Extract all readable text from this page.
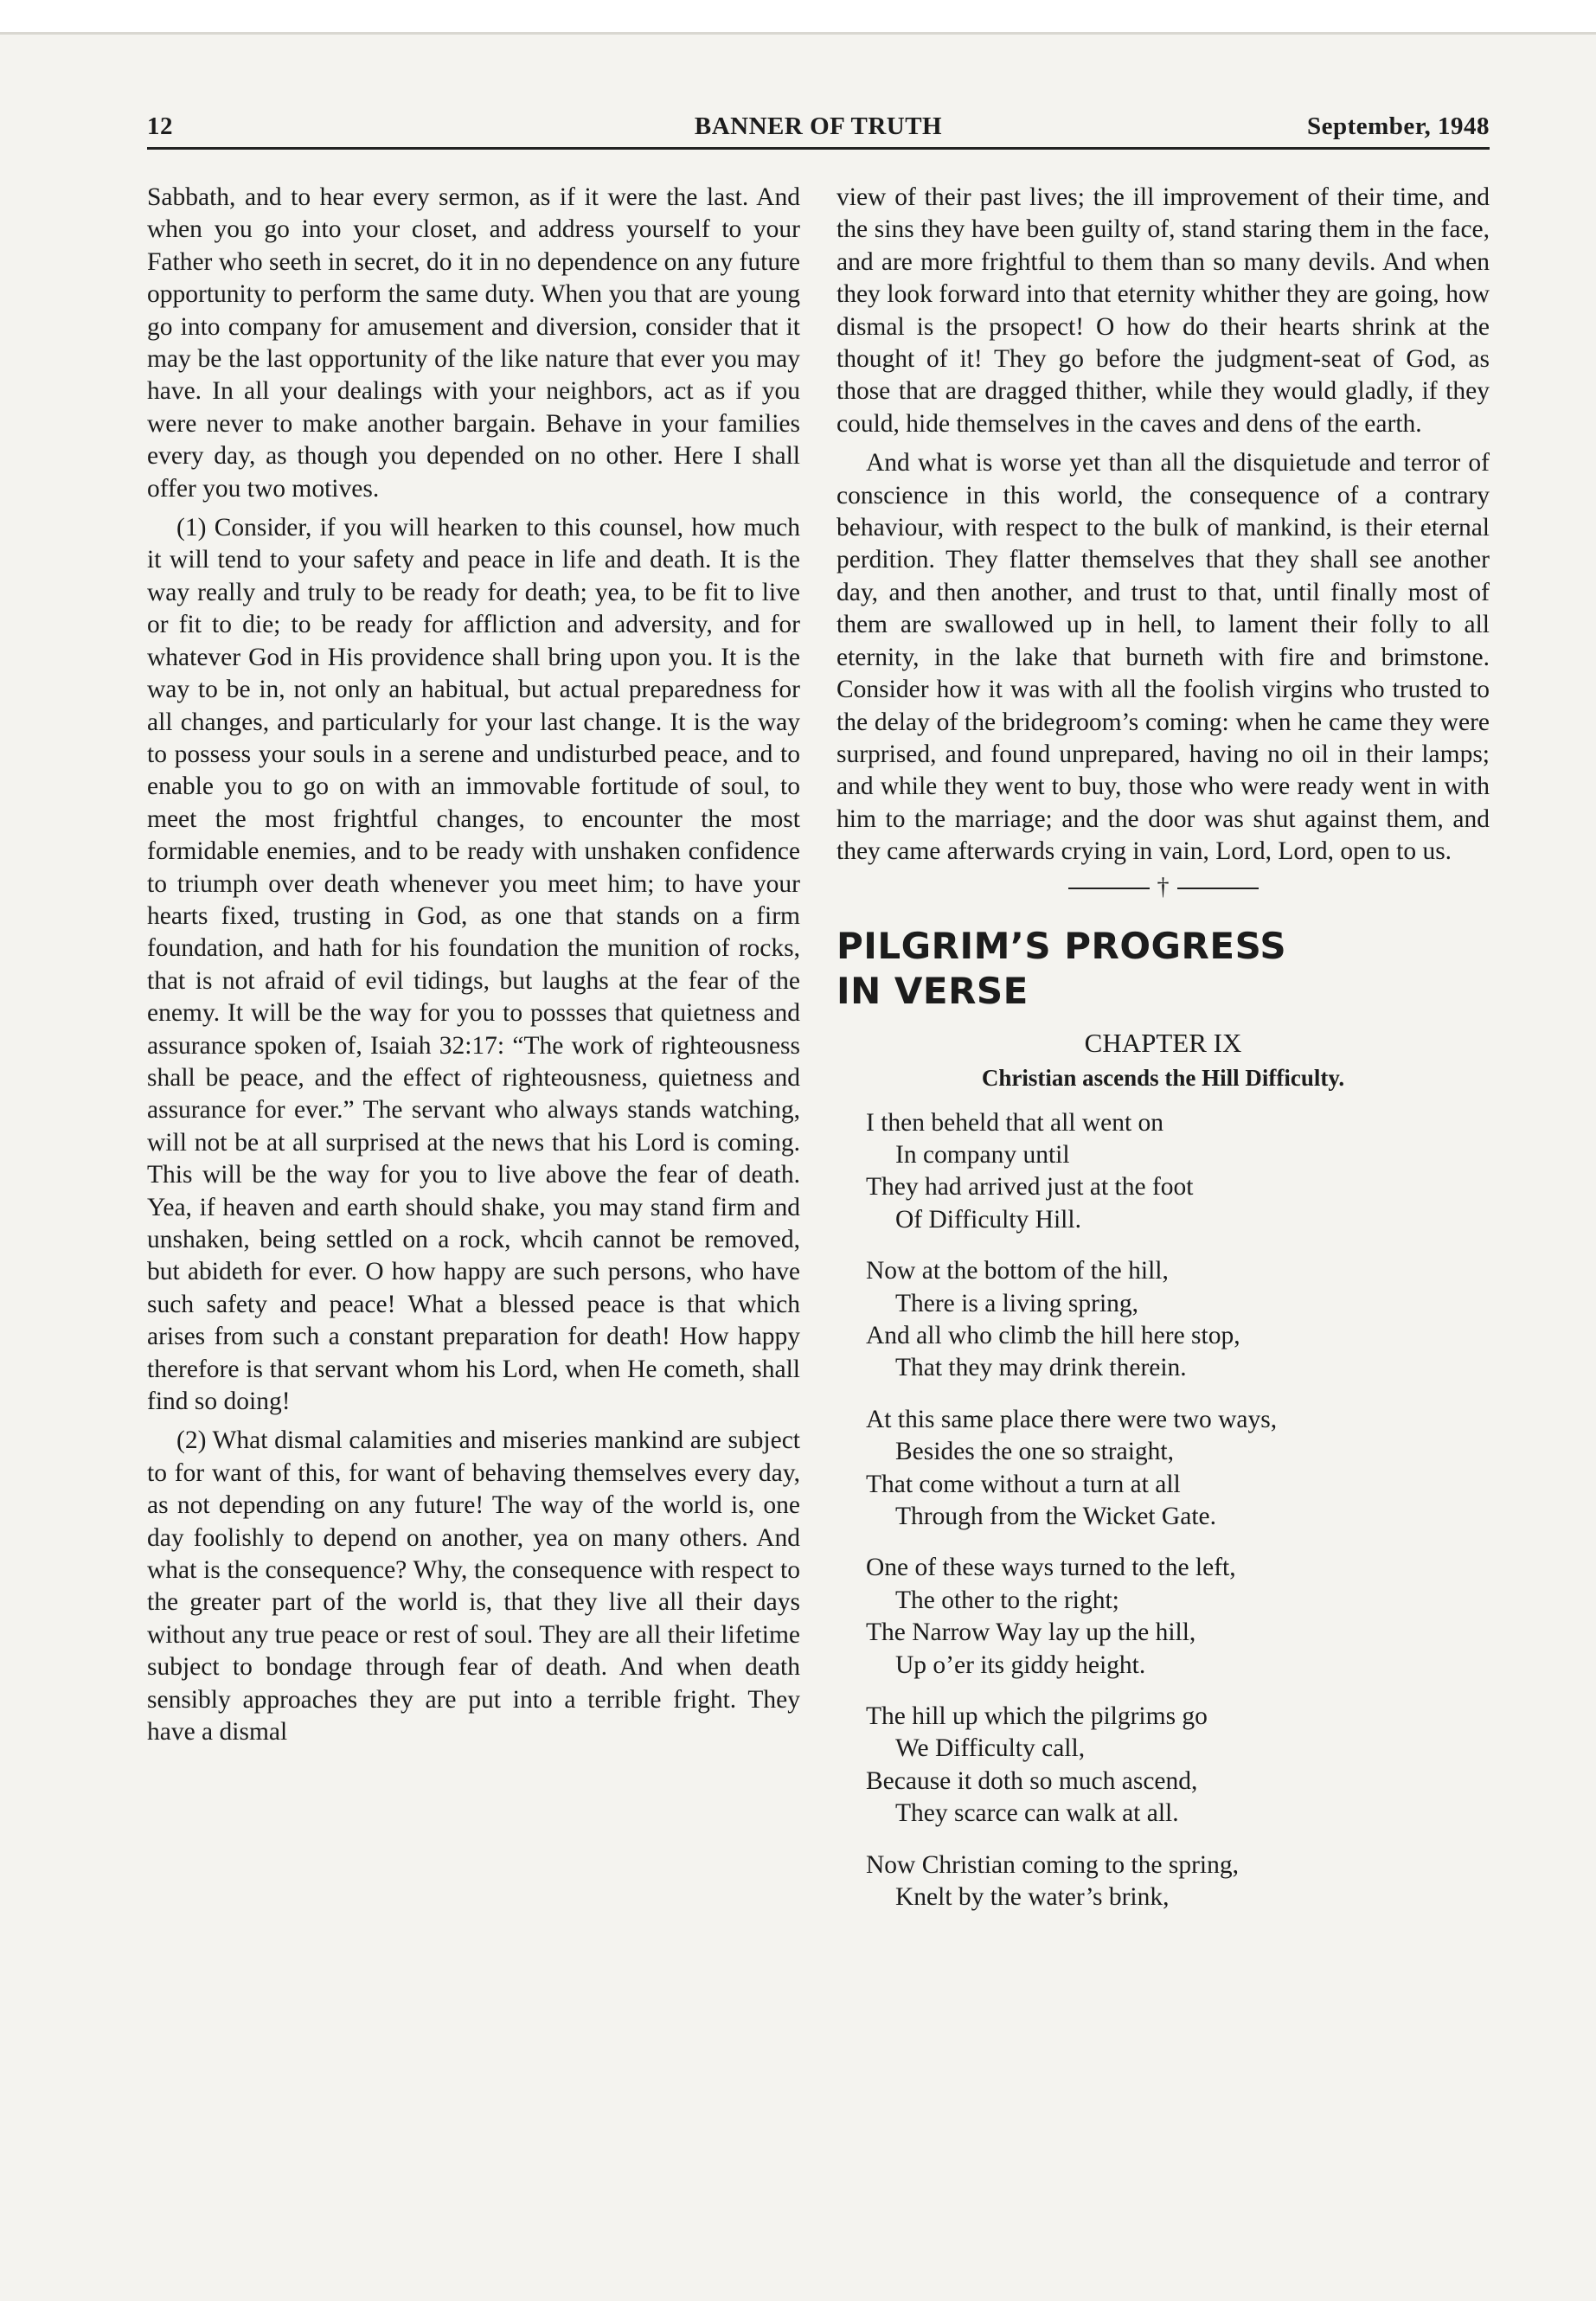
12	BANNER OF TRUTH	September, 1948

Sabbath, and to hear every sermon, as if it were the last. And when you go into your closet, and address yourself to your Father who seeth in secret, do it in no dependence on any future opportunity to perform the same duty. When you that are young go into company for amusement and diversion, consider that it may be the last opportunity of the like nature that ever you may have. In all your dealings with your neighbors, act as if you were never to make another bargain. Behave in your families every day, as though you depended on no other. Here I shall offer you two motives.

(1) Consider, if you will hearken to this counsel, how much it will tend to your safety and peace in life and death. It is the way really and truly to be ready for death; yea, to be fit to live or fit to die; to be ready for affliction and adversity, and for whatever God in His providence shall bring upon you. It is the way to be in, not only an habitual, but actual preparedness for all changes, and particularly for your last change. It is the way to possess your souls in a serene and undisturbed peace, and to enable you to go on with an immovable fortitude of soul, to meet the most frightful changes, to encounter the most formidable enemies, and to be ready with unshaken confidence to triumph over death whenever you meet him; to have your hearts fixed, trusting in God, as one that stands on a firm foundation, and hath for his foundation the munition of rocks, that is not afraid of evil tidings, but laughs at the fear of the enemy. It will be the way for you to possses that quietness and assurance spoken of, Isaiah 32:17: “The work of righteousness shall be peace, and the effect of righteousness, quietness and assurance for ever.” The servant who always stands watching, will not be at all surprised at the news that his Lord is coming. This will be the way for you to live above the fear of death. Yea, if heaven and earth should shake, you may stand firm and unshaken, being settled on a rock, whcih cannot be removed, but abideth for ever. O how happy are such persons, who have such safety and peace! What a blessed peace is that which arises from such a constant preparation for death! How happy therefore is that servant whom his Lord, when He cometh, shall find so doing!

(2) What dismal calamities and miseries mankind are subject to for want of this, for want of behaving themselves every day, as not depending on any future! The way of the world is, one day foolishly to depend on another, yea on many others. And what is the consequence? Why, the consequence with respect to the greater part of the world is, that they live all their days without any true peace or rest of soul. They are all their lifetime subject to bondage through fear of death. And when death sensibly approaches they are put into a terrible fright. They have a dismal

view of their past lives; the ill improvement of their time, and the sins they have been guilty of, stand staring them in the face, and are more frightful to them than so many devils. And when they look forward into that eternity whither they are going, how dismal is the prsopect! O how do their hearts shrink at the thought of it! They go before the judgment-seat of God, as those that are dragged thither, while they would gladly, if they could, hide themselves in the caves and dens of the earth.

And what is worse yet than all the disquietude and terror of conscience in this world, the consequence of a contrary behaviour, with respect to the bulk of mankind, is their eternal perdition. They flatter themselves that they shall see another day, and then another, and trust to that, until finally most of them are swallowed up in hell, to lament their folly to all eternity, in the lake that burneth with fire and brimstone. Consider how it was with all the foolish virgins who trusted to the delay of the bridegroom’s coming: when he came they were surprised, and found unprepared, having no oil in their lamps; and while they went to buy, those who were ready went in with him to the marriage; and the door was shut against them, and they came afterwards crying in vain, Lord, Lord, open to us.

†
PILGRIM’S PROGRESS
IN VERSE
CHAPTER IX
Christian ascends the Hill Difficulty.
I then beheld that all went on
In company until
They had arrived just at the foot
Of Difficulty Hill.
Now at the bottom of the hill,
There is a living spring,
And all who climb the hill here stop,
That they may drink therein.
At this same place there were two ways,
Besides the one so straight,
That come without a turn at all
Through from the Wicket Gate.
One of these ways turned to the left,
The other to the right;
The Narrow Way lay up the hill,
Up o’er its giddy height.
The hill up which the pilgrims go
We Difficulty call,
Because it doth so much ascend,
They scarce can walk at all.
Now Christian coming to the spring,
Knelt by the water’s brink,
